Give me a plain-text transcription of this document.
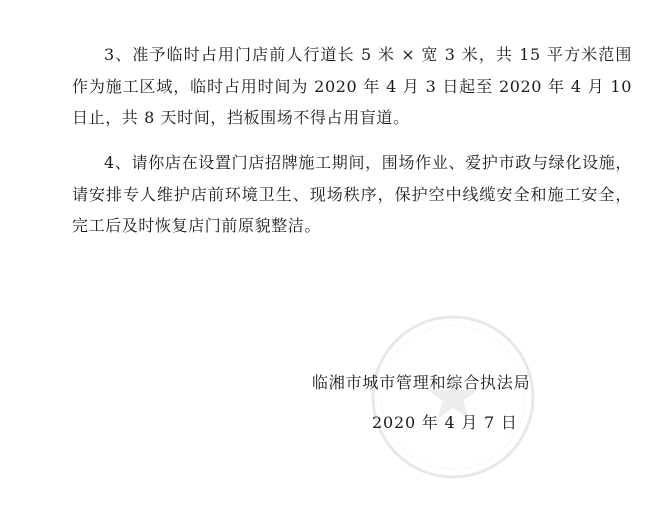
3、准予临时占用门店前人行道长 5 米 × 宽 3 米，共 15 平方米范围作为施工区域，临时占用时间为 2020 年 4 月 3 日起至 2020 年 4 月 10 日止，共 8 天时间，挡板围场不得占用盲道。

4、请你店在设置门店招牌施工期间，围场作业、爱护市政与绿化设施，请安排专人维护店前环境卫生、现场秩序，保护空中线缆安全和施工安全，完工后及时恢复店门前原貌整洁。

临湘市城市管理和综合执法局
2020 年 4 月 7 日
